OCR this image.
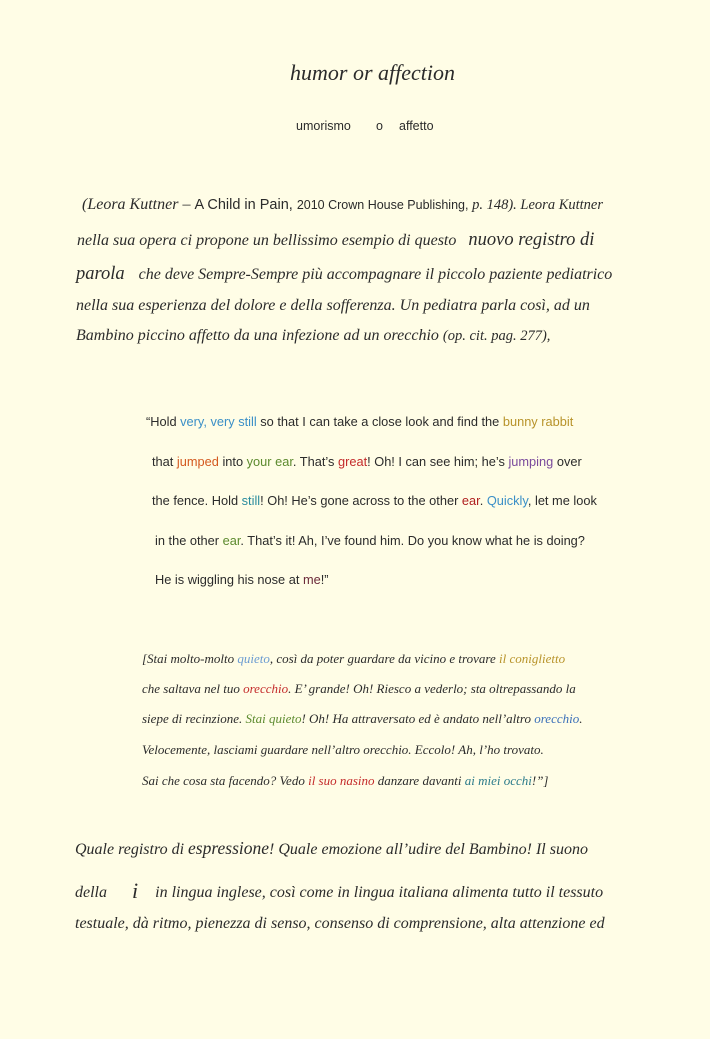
humor or affection
umorismo o affetto
(Leora Kuttner – A Child in Pain, 2010 Crown House Publishing, p. 148). Leora Kuttner
nella sua opera ci propone un bellissimo esempio di questo nuovo registro di
parola che deve Sempre-Sempre più accompagnare il piccolo paziente pediatrico
nella sua esperienza del dolore e della sofferenza. Un pediatra parla così, ad un
Bambino piccino affetto da una infezione ad un orecchio (op. cit. pag. 277),
“Hold very, very still so that I can take a close look and find the bunny rabbit
that jumped into your ear. That’s great! Oh! I can see him; he’s jumping over
the fence. Hold still! Oh! He’s gone across to the other ear. Quickly, let me look
in the other ear. That’s it! Ah, I’ve found him. Do you know what he is doing?
He is wiggling his nose at me!”
[Stai molto-molto quieto, così da poter guardare da vicino e trovare il coniglietto
che saltava nel tuo orecchio. E’ grande! Oh! Riesco a vederlo; sta oltrepassando la
siepe di recinzione. Stai quieto! Oh! Ha attraversato ed è andato nell’altro orecchio.
Velocemente, lasciami guardare nell’altro orecchio. Eccolo! Ah, l’ho trovato.
Sai che cosa sta facendo? Vedo il suo nasino danzare davanti ai miei occhi!”]
Quale registro di espressione! Quale emozione all’udire del Bambino! Il suono
della i in lingua inglese, così come in lingua italiana alimenta tutto il tessuto
testuale, dà ritmo, pienezza di senso, consenso di comprensione, alta attenzione ed
